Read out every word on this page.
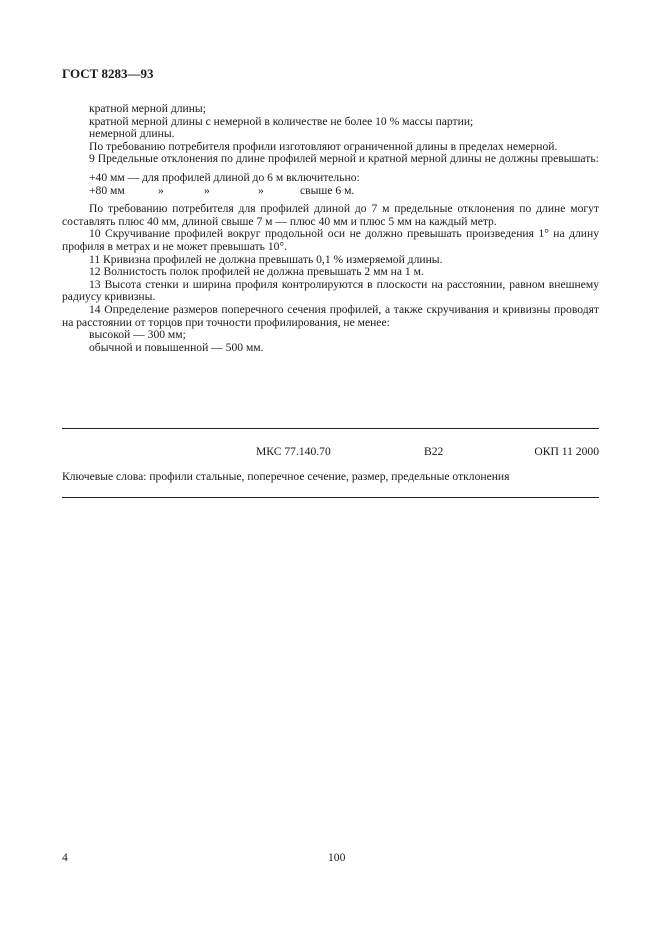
ГОСТ 8283—93

кратной мерной длины;

кратной мерной длины с немерной в количестве не более 10 % массы партии;

немерной длины.

По требованию потребителя профили изготовляют ограниченной длины в пределах немерной.

9 Предельные отклонения по длине профилей мерной и кратной мерной длины не должны превышать:

+40 мм — для профилей длиной до 6 м включительно:

+80 мм	»	»	»	свыше 6 м.

По требованию потребителя для профилей длиной до 7 м предельные отклонения по длине могут составлять плюс 40 мм, длиной свыше 7 м — плюс 40 мм и плюс 5 мм на каждый метр.

10 Скручивание профилей вокруг продольной оси не должно превышать произведения 1° на длину профиля в метрах и не может превышать 10°.

11 Кривизна профилей не должна превышать 0,1 % измеряемой длины.

12 Волнистость полок профилей не должна превышать 2 мм на 1 м.

13 Высота стенки и ширина профиля контролируются в плоскости на расстоянии, равном внешнему радиусу кривизны.

14 Определение размеров поперечного сечения профилей, а также скручивания и кривизны проводят на расстоянии от торцов при точности профилирования, не менее:

высокой — 300 мм;

обычной и повышенной — 500 мм.

МКС 77.140.70	В22	ОКП 11 2000
Ключевые слова: профили стальные, поперечное сечение, размер, предельные отклонения
4	100
